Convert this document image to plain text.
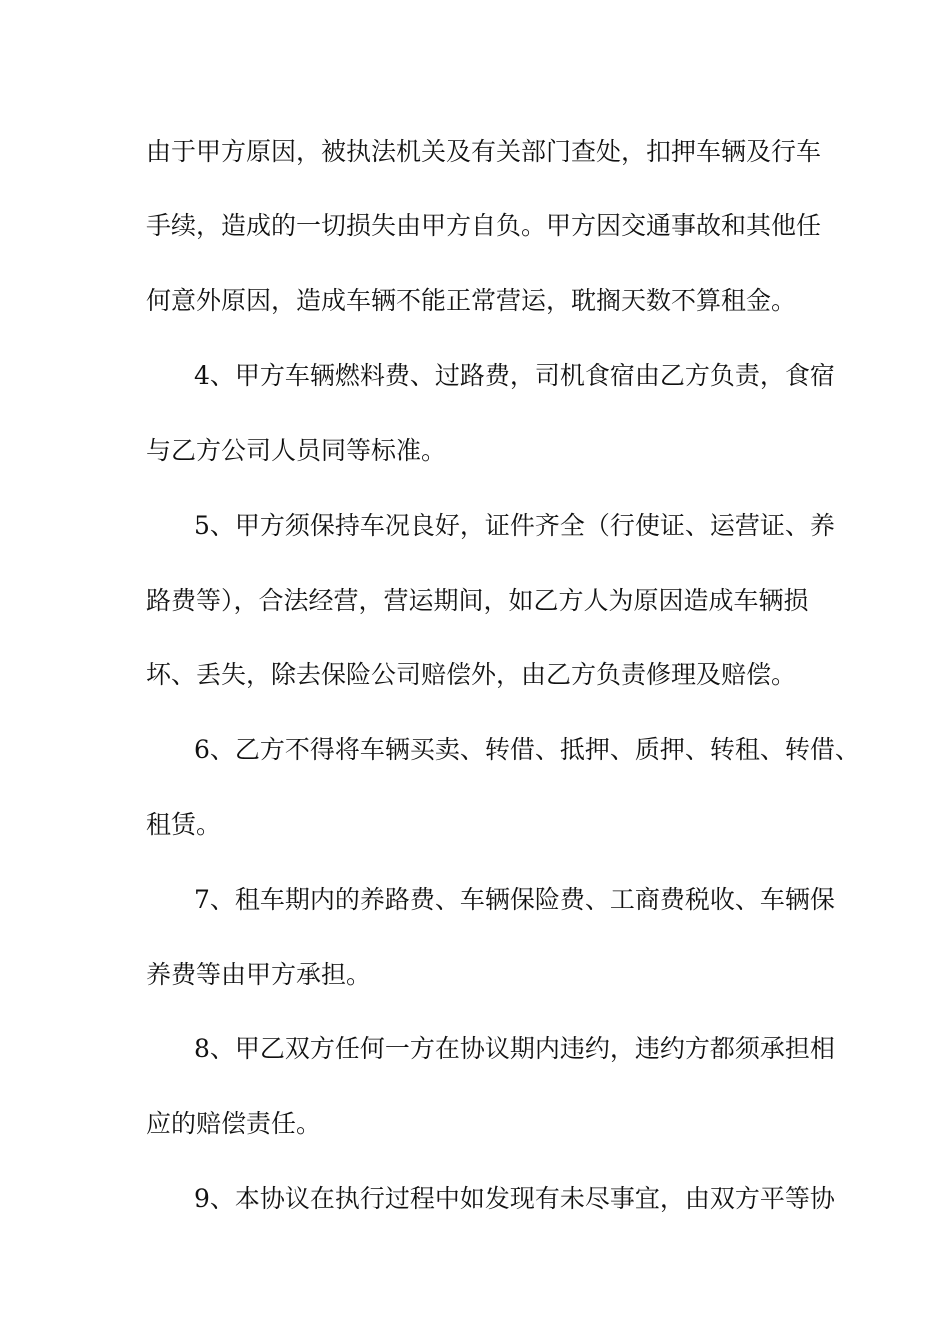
由于甲方原因，被执法机关及有关部门查处，扣押车辆及行车

手续，造成的一切损失由甲方自负。甲方因交通事故和其他任

何意外原因，造成车辆不能正常营运，耽搁天数不算租金。

4、甲方车辆燃料费、过路费，司机食宿由乙方负责，食宿

与乙方公司人员同等标准。

5、甲方须保持车况良好，证件齐全（行使证、运营证、养

路费等），合法经营，营运期间，如乙方人为原因造成车辆损

坏、丢失，除去保险公司赔偿外，由乙方负责修理及赔偿。

6、乙方不得将车辆买卖、转借、抵押、质押、转租、转借、

租赁。

7、租车期内的养路费、车辆保险费、工商费税收、车辆保

养费等由甲方承担。

8、甲乙双方任何一方在协议期内违约，违约方都须承担相

应的赔偿责任。

9、本协议在执行过程中如发现有未尽事宜，由双方平等协
